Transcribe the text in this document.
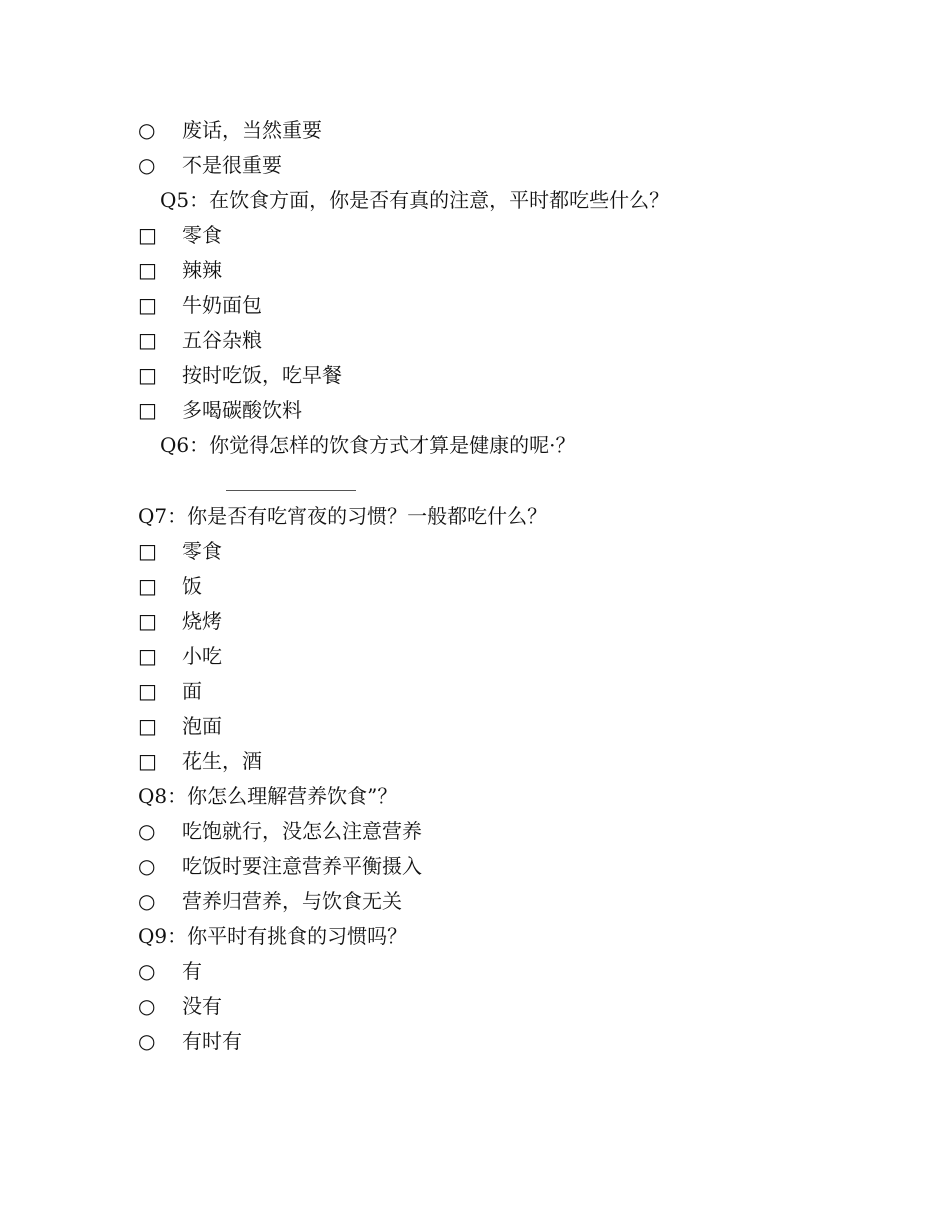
○ 废话，当然重要
○ 不是很重要
Q5：在饮食方面，你是否有真的注意，平时都吃些什么？
□ 零食
□ 辣辣
□ 牛奶面包
□ 五谷杂粮
□ 按时吃饭，吃早餐
□ 多喝碳酸饮料
Q6：你觉得怎样的饮食方式才算是健康的呢·？
Q7：你是否有吃宵夜的习惯？一般都吃什么？
□ 零食
□ 饭
□ 烧烤
□ 小吃
□ 面
□ 泡面
□ 花生，酒
Q8：你怎么理解营养饮食”？
○ 吃饱就行，没怎么注意营养
○ 吃饭时要注意营养平衡摄入
○ 营养归营养，与饮食无关
Q9：你平时有挑食的习惯吗？
○ 有
○ 没有
○ 有时有
